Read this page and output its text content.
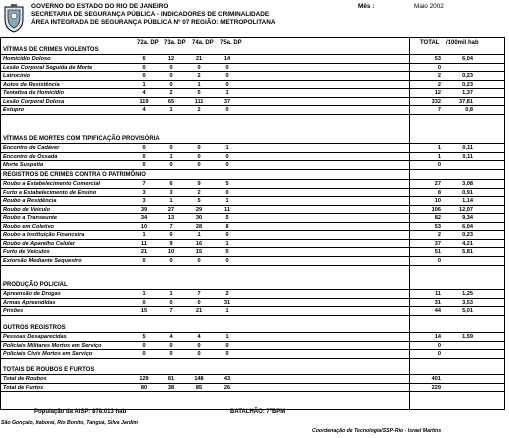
GOVERNO DO ESTADO DO RIO DE JANEIRO
SECRETARIA DE SEGURANÇA PÚBLICA - INDICADORES DE CRIMINALIDADE
ÁREA INTEGRADA DE SEGURANÇA PÚBLICA Nº 07 REGIÃO: METROPOLITANA
Mês :	Maio 2002
72a. DP 73a. DP 74a. DP 75a. DP	TOTAL /100mil hab
VÍTIMAS DE CRIMES VIOLENTOS
Homicídio Doloso	6	12	21	14	53	6,04
Lesão Corporal Seguida de Morte	0	0	0	0	0
Latrocínio	0	0	2	0	2	0,23
Autos de Resistência	1	0	1	0	2	0,23
Tentativa de Homicídio	4	2	5	1	12	1,37
Lesão Corporal Dolosa	119	65	111	37	332	37,81
Estupro	4	1	2	0	7	0,8
VÍTIMAS DE MORTES COM TIPIFICAÇÃO PROVISÓRIA
Encontro de Cadáver	0	0	0	1	1	0,11
Encontro de Ossada	0	1	0	0	1	0,11
Morte Suspeita	0	0	0	0	0
REGISTROS DE CRIMES CONTRA O PATRIMÔNIO
Roubo a Estabelecimento Comercial	7	6	9	5	27	3,08
Furto a Estabelecimento de Ensino	3	3	2	0	8	0,91
Roubo a Residência	3	1	5	1	10	1,14
Roubo de Veículo	39	27	29	11	106	12,07
Roubo a Transeunte	34	13	30	5	82	9,34
Roubo em Coletivo	10	7	28	8	53	6,04
Roubo a Instituição Financeira	1	0	1	0	2	0,23
Roubo de Aparelho Celular	11	9	16	1	37	4,21
Furto de Veículos	21	10	15	5	51	5,81
Extorsão Mediante Sequestro	0	0	0	0	0
PRODUÇÃO POLICIAL
Apreensão de Drogas	1	1	7	2	11	1,25
Armas Apreendidas	0	0	0	31	31	3,53
Prisões	15	7	21	1	44	5,01
OUTROS REGISTROS
Pessoas Desaparecidas	5	4	4	1	14	1,59
Policiais Militares Mortos em Serviço	0	0	0	0	0
Policiais Civis Mortos em Serviço	0	0	0	0	0
TOTAIS DE ROUBOS E FURTOS
Total de Roubos	129	81	148	43	401
Total de Furtos	80	38	85	26	229
População da AISP: 878.013 hab	BATALHÃO: 7ºBPM
São Gonçalo, Itaboraí, Rio Bonito, Tanguá, Silva Jardim
Coordenação de Tecnologia/SSP-Rio - Israel Martins
